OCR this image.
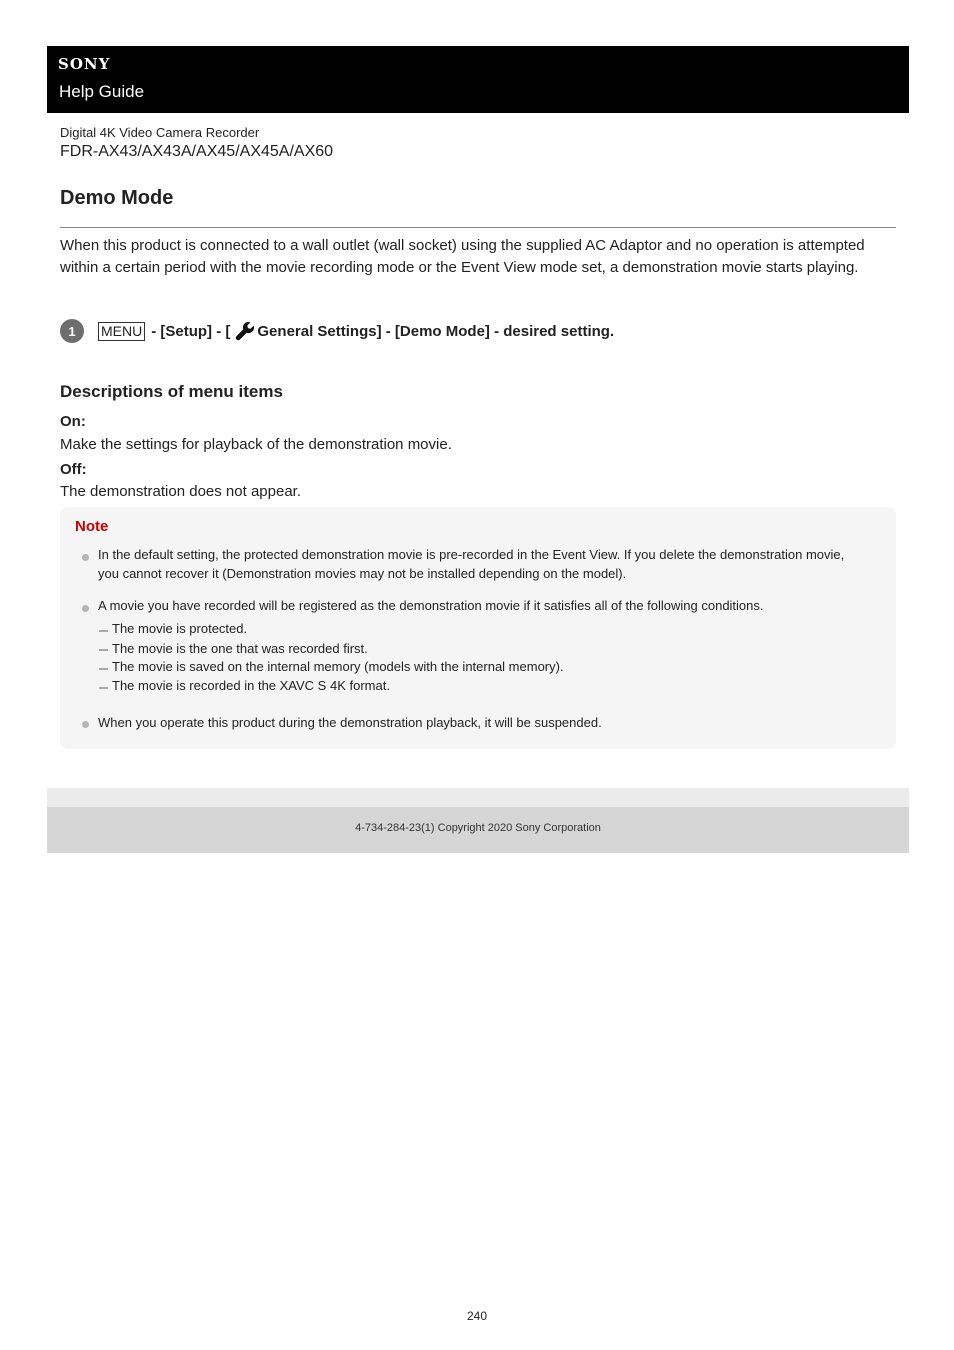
SONY
Help Guide
Digital 4K Video Camera Recorder
FDR-AX43/AX43A/AX45/AX45A/AX60
Demo Mode

When this product is connected to a wall outlet (wall socket) using the supplied AC Adaptor and no operation is attempted within a certain period with the movie recording mode or the Event View mode set, a demonstration movie starts playing.

1	MENU - [Setup] - [ General Settings] - [Demo Mode] - desired setting.
Descriptions of menu items
On:
Make the settings for playback of the demonstration movie.
Off:
The demonstration does not appear.
Note
In the default setting, the protected demonstration movie is pre-recorded in the Event View. If you delete the demonstration movie, you cannot recover it (Demonstration movies may not be installed depending on the model).
A movie you have recorded will be registered as the demonstration movie if it satisfies all of the following conditions.
The movie is protected.
The movie is the one that was recorded first.
The movie is saved on the internal memory (models with the internal memory).
The movie is recorded in the XAVC S 4K format.
When you operate this product during the demonstration playback, it will be suspended.
4-734-284-23(1) Copyright 2020 Sony Corporation
240
